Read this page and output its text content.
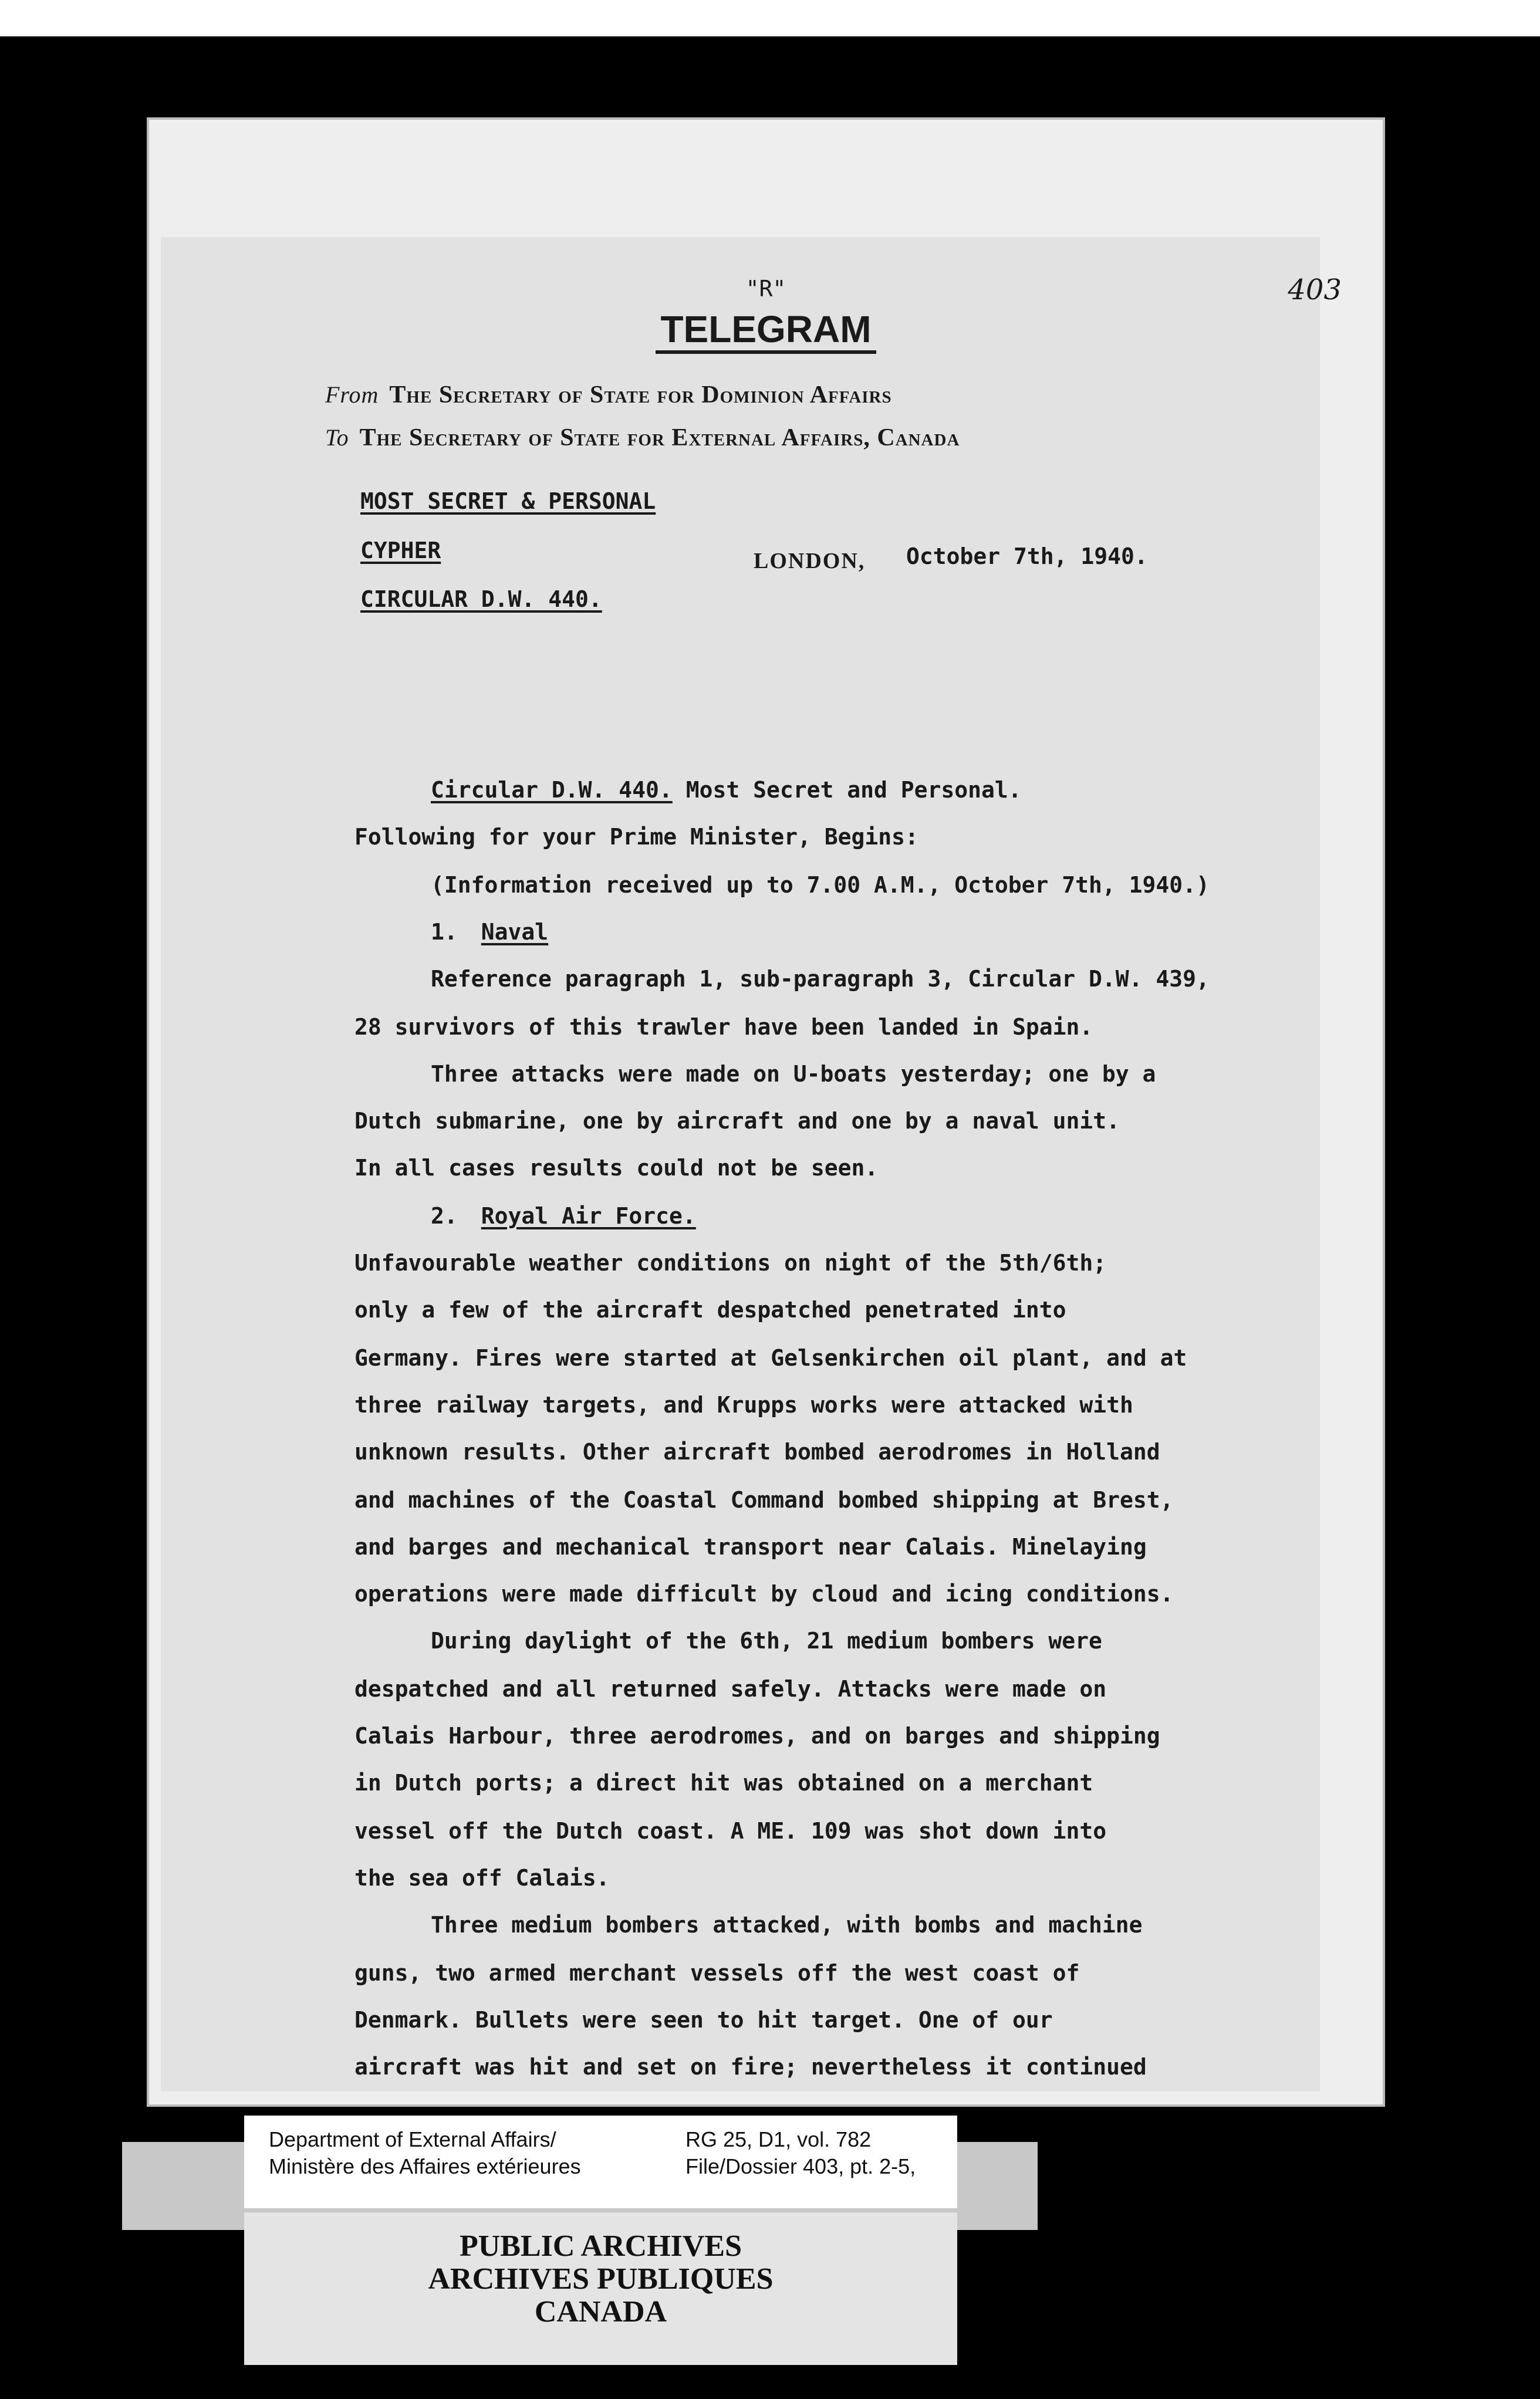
"R"
TELEGRAM
403
From The Secretary of State for Dominion Affairs
To The Secretary of State for External Affairs, Canada
MOST SECRET & PERSONAL
CYPHER
CIRCULAR D.W. 440.
LONDON, October 7th, 1940.
Circular D.W. 440. Most Secret and Personal.
Following for your Prime Minister, Begins:
(Information received up to 7.00 A.M., October 7th, 1940.)
1. Naval
Reference paragraph 1, sub-paragraph 3, Circular D.W. 439,
28 survivors of this trawler have been landed in Spain.
Three attacks were made on U-boats yesterday; one by a
Dutch submarine, one by aircraft and one by a naval unit.
In all cases results could not be seen.
2. Royal Air Force.
Unfavourable weather conditions on night of the 5th/6th;
only a few of the aircraft despatched penetrated into
Germany. Fires were started at Gelsenkirchen oil plant, and at
three railway targets, and Krupps works were attacked with
unknown results. Other aircraft bombed aerodromes in Holland
and machines of the Coastal Command bombed shipping at Brest,
and barges and mechanical transport near Calais. Minelaying
operations were made difficult by cloud and icing conditions.
During daylight of the 6th, 21 medium bombers were
despatched and all returned safely. Attacks were made on
Calais Harbour, three aerodromes, and on barges and shipping
in Dutch ports; a direct hit was obtained on a merchant
vessel off the Dutch coast. A ME. 109 was shot down into
the sea off Calais.
Three medium bombers attacked, with bombs and machine
guns, two armed merchant vessels off the west coast of
Denmark. Bullets were seen to hit target. One of our
aircraft was hit and set on fire; nevertheless it continued
Department of External Affairs/
Ministère des Affaires extérieures
RG 25, D1, vol. 782
File/Dossier 403, pt. 2-5,
PUBLIC ARCHIVES
ARCHIVES PUBLIQUES
CANADA
